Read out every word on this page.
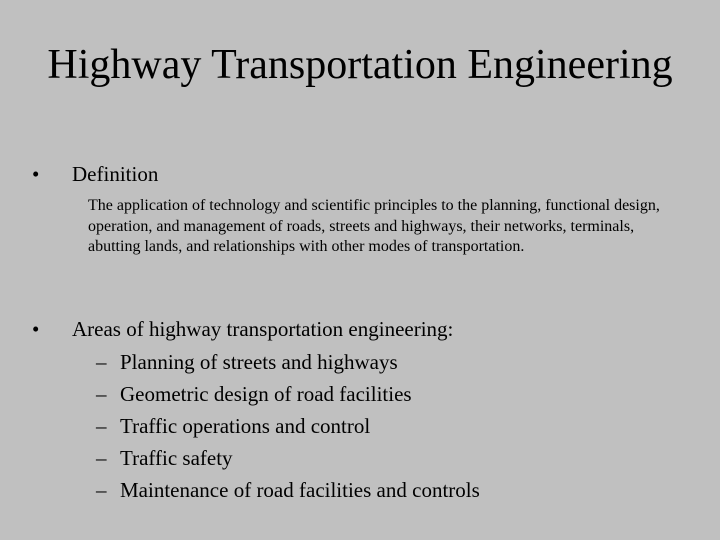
Highway Transportation Engineering
•	Definition
The application of technology and scientific principles to the planning, functional design, operation, and management of roads, streets and highways, their networks, terminals, abutting lands, and relationships with other modes of transportation.
•	Areas of highway transportation engineering:
– Planning of streets and highways
– Geometric design of road facilities
– Traffic operations and control
– Traffic safety
– Maintenance of road facilities and controls
